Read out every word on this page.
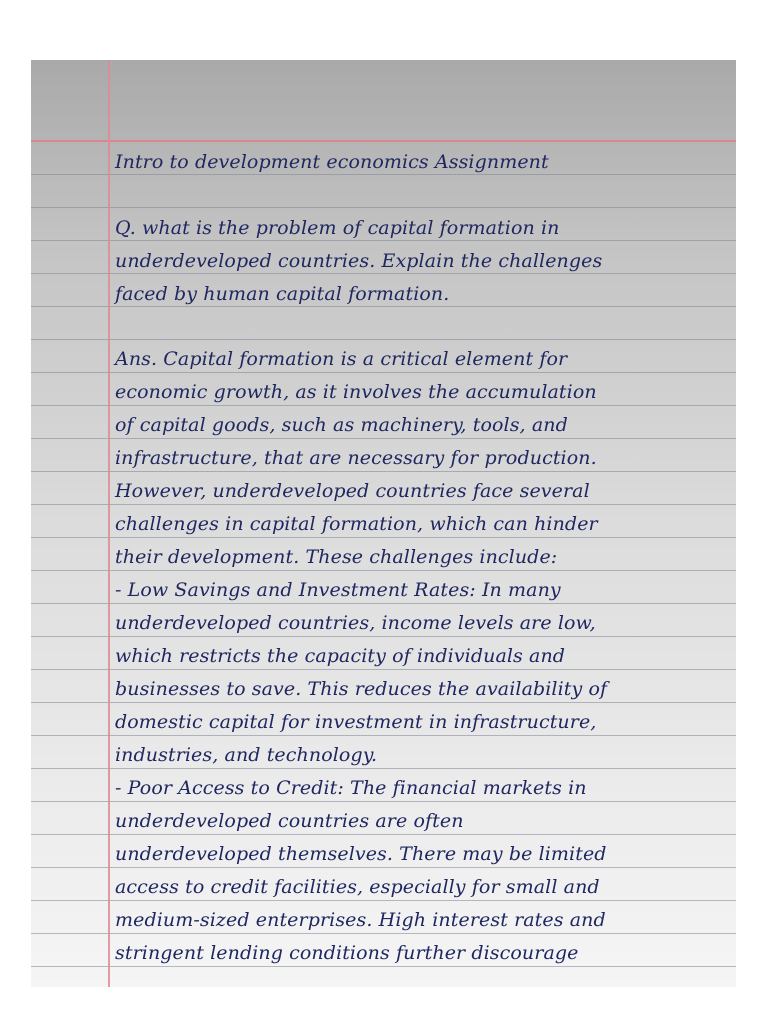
Intro to development economics Assignment
Q. what is the problem of capital formation in
underdeveloped countries. Explain the challenges
faced by human capital formation.
Ans. Capital formation is a critical element for
economic growth, as it involves the accumulation
of capital goods, such as machinery, tools, and
infrastructure, that are necessary for production.
However, underdeveloped countries face several
challenges in capital formation, which can hinder
their development. These challenges include:
- Low Savings and Investment Rates: In many
underdeveloped countries, income levels are low,
which restricts the capacity of individuals and
businesses to save. This reduces the availability of
domestic capital for investment in infrastructure,
industries, and technology.
- Poor Access to Credit: The financial markets in
underdeveloped countries are often
underdeveloped themselves. There may be limited
access to credit facilities, especially for small and
medium-sized enterprises. High interest rates and
stringent lending conditions further discourage
